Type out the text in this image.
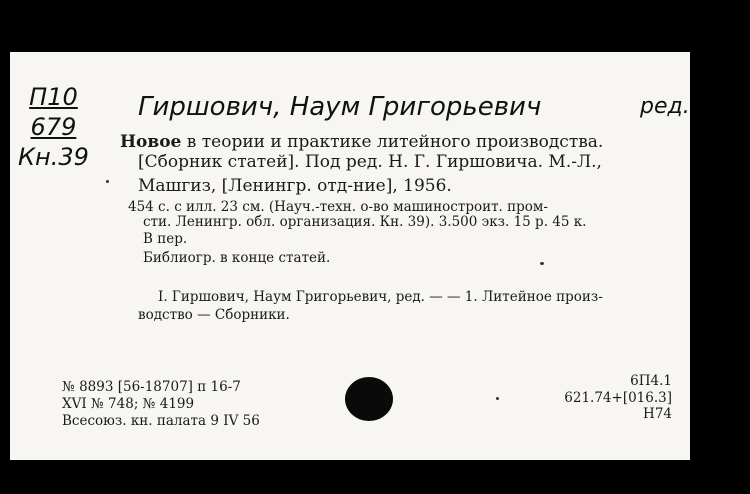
П10
679
Кн.39
Гиршович, Наум Григорьевич	ред.
Новое в теории и практике литейного производства.
[Сборник статей]. Под ред. Н. Г. Гиршовича. М.-Л.,
Машгиз, [Ленингр. отд-ние], 1956.
454 с. с илл. 23 см. (Науч.-техн. о-во машиностроит. пром-
сти. Ленингр. обл. организация. Кн. 39). 3.500 экз. 15 р. 45 к.
В пер.
Библиогр. в конце статей.
I. Гиршович, Наум Григорьевич, ред. — — 1. Литейное произ-
водство — Сборники.
№ 8893 [56-18707] п 16-7
XVI № 748; № 4199
Всесоюз. кн. палата 9 IV 56
6П4.1
621.74+[016.3]
Н74
